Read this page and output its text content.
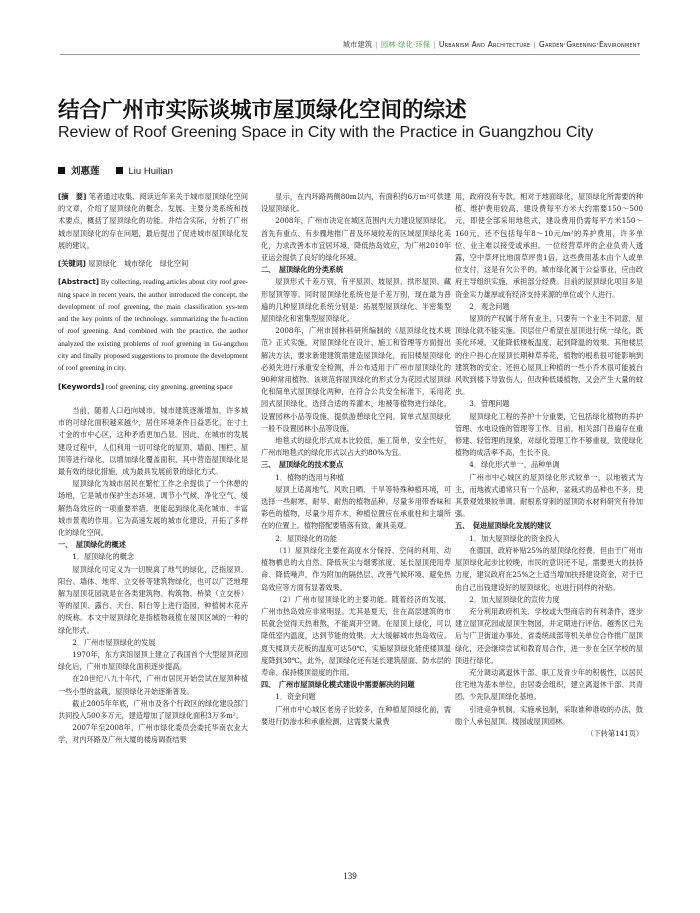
城市建筑 | 园林·绿化·环保 | Urbanism And Architecture | Garden·Greening·Environment
结合广州市实际谈城市屋顶绿化空间的综述
Review of Roof Greening Space in City with the Practice in Guangzhou City
刘惠莲	Liu Huilian

[摘　要] 笔者通过收集、阅读近年来关于城市屋顶绿化空间的文章，介绍了屋顶绿化的概念、发展、主要分类系统和技术要点，概括了屋顶绿化的功能。并结合实际，分析了广州城市屋顶绿化的存在问题，最后提出了促进城市屋顶绿化发展的建议。

[关键词] 屋顶绿化　城市绿化　绿化空间

[Abstract] By collecting, reading articles about city roof gree-ning space in recent years, the author introduced the concept, the development of roof greening, the main classification sys-tem and the key points of the technology, summarizing the fu-nction of roof greening. And combined with the practice, the author analyzed the existing problems of roof greening in Gu-angzhou city and finally proposed suggestions to promote the development of roof greening in city.

[Keywords] roof greening, city greening, greening space

当前，随着人口趋向城市，城市建筑逐渐增加，许多城市的可绿化面积越来越少，居住环境条件日益恶化，在寸土寸金的市中心区，这种矛盾更加凸显。因此，在城市的发展建设过程中，人们利用一切可绿化的屋顶、墙面、围栏、屋顶等进行绿化，以增加绿化覆盖面积，其中营造屋顶绿化是最有效的绿化措施，成为最具发展前景的绿化方式。

屋顶绿化为城市居民在繁忙工作之余提供了一个休憩的场地，它是城市保护生态环境、调节小气候、净化空气、缓解热岛效应的一项重要举措，更能起到绿化美化城市、丰富城市景观的作用。它为高速发展的城市化建设，开拓了多样化的绿化空间。

一、　屋顶绿化的概述

1．屋顶绿化的概念

屋顶绿化可定义为一切脱离了地气的绿化，泛指屋顶、阳台、墙体、地库、立交桥等建筑物绿化，也可以广泛地理解为屋顶花园就是在各类建筑物、构筑物、桥梁（立交桥）等的屋顶、露台、天台、阳台等上进行造园，种植树木花卉的统称。本文中屋顶绿化是指植物栽植在屋顶区域的一种的绿化形式。

2．广州市屋顶绿化的发展

1970年，东方宾馆屋顶上建立了我国首个大型屋顶花园绿化后，广州市屋顶绿化面积逐步提高。

在20世纪八九十年代，广州市居民开始尝试在屋顶种植一些小型的盆栽，屋顶绿化开始逐渐普及。

截止2005年年底，广州市及各个行政区的绿化建设部门共同投入500多万元，建造增加了屋顶绿化面积3万多m²。

2007年至2008年，广州市绿化委员会委托华南农业大学，对内环路及广州大厦的楼房调查结果

显示，在内环路两侧80m以内，有面积约6万m²可供建设屋顶绿化。

2008年，广州市决定在城区范围内大力建设屋顶绿化，首先有重点、有步骤地推广普及环境较差的区域屋顶绿化美化，力求改善本市宜居环境，降低热岛效应，为广州2010年亚运会提供了良好的绿化环境。

二、　屋顶绿化的分类系统

屋顶形式千差万别，有平屋顶、坡屋顶、拱形屋顶、藏形屋顶等等。同时屋顶绿化系统也是千差万别，现在最为普遍的几种屋顶绿化系统分别是：拓展型屋顶绿化、半密集型屋顶绿化和密集型屋顶绿化。

2008年，广州市园林科研所编制的《屋顶绿化技术规范》正式实施，对屋顶绿化在设计、施工和管理等方面提出解决方法，要求新建建筑需建造屋顶绿化，而旧楼屋顶绿化必须先进行承重安全检测，并公布适用于广州市屋顶绿化的90种常用植物。该规范将屋顶绿化的形式分为花园式屋顶绿化和简单式屋顶绿化两种，在符合公共安全标准下，采用花园式屋顶绿化，选择合适的养灌木，地被等植物进行绿化，设置园林小品等设施，提供游憩绿化空间。简单式屋顶绿化一般不设置园林小品等设施。

地毯式的绿化形式成本比较低，施工简单，安全性好，广州市地毯式的绿化形式以占大约80%为宜。

三、　屋顶绿化的技术要点

1．植物的选用与种植

屋顶上适离地气，风吹日晒、干旱等特殊种植环境，可选择一些耐寒、耐旱、耐热的植物品种。尽量多用带香味和彩色的植物，尽量少用乔木，种植位置应在承重柱和主墙所在的位置上。植物搭配要错落有致、兼具美观。

2．屋顶绿化的功能

（1）屋顶绿化主要在高度水分保持、空间的利用、动植物栖息的大自然、降低灰尘与烟雾浓度、延长屋顶使用寿命、降低噪声，作为附加的隔热层、改善气候环境、避免热岛效应等方面有显著效果。

（2）广州市屋顶绿化的主要功能。随着经济的发展，广州市热岛效应非常明显。尤其是夏天，住在高层建筑的市民就会觉得天热难熬，不能离开空调。在屋顶上绿化，可以降低室内温度，达到节能的效果。大大缓解城市热岛效应。夏天楼顶天花板的温度可达50℃，实施屋顶绿化能使楼顶温度降到30℃，此外，屋顶绿化还有延长建筑屋面、防水层的寿命、保持楼顶湿度的作用。

四、　广州市屋顶绿化模式建设中需要解决的问题

1．资金问题

广州市中心城区老房子比较多，在种植屋顶绿化前，需要进行防渗水和承重检测，这需要大量费

用，政府没有专款。相对于地面绿化，屋顶绿化所需要的种植、维护费用较高，建设费每平方米大约需要150～500元，即使全部采用地毯式，建设费用仍需每平方米150～160元，还不包括每年8～10元/m²的养护费用，许多单位、业主难以接受或承担。一位经营草坪的企业负责人透露，空中草坪比地面草坪贵1倍，这些费用基本由个人或单位支付，这是有欠公平的。城市绿化属于公益事业，应由政府主导组织实施，承担部分经费。目前的屋顶绿化项目多是资金实力雄厚或有经济支持来源的单位或个人进行。

2．观念问题

屋顶的产权属于所有业主，只要有一个业主不同意，屋顶绿化就不能实施。顶层住户希望在屋顶进行统一绿化，既美化环境，又能降低楼板温度、起到降温的效果。其他楼层的住户担心在屋顶长期种草养花，植物的根系很可能影响到建筑物的安全；还担心屋顶上种植的一些小乔木很可能被台风吹到楼下导致伤人，但改种低矮植物，又会产生大量的蚊虫。

3．管理问题

屋顶绿化工程的养护十分重要，它包括绿化植物的养护管理、水电设施的管理等工作。目前，相关部门普遍存在重修建、轻管理的现象，对绿化管理工作不够重视，致使绿化植物的成活率不高，生长不良。

4．绿化形式单一，品种单调

广州市中心城区的屋顶绿化形式较单一，以地被式为主，而地被式通常只有一个品种，盆栽式的品种也不多，使其景观效果较单调。耐根系穿刺的屋顶防水材料研究有待加强。

五、　促进屋顶绿化发展的建议

1．加大屋顶绿化的资金投入

在德国，政府补贴25%的屋顶绿化经费。但由于广州市屋顶绿化起步比较晚，市民的意识还不足，需要更大的扶持力度，建议政府在25%之上适当增加扶持建设资金，对于已由自己出钱建设好的屋顶绿化，也进行同样的补贴。

2．加大屋顶绿化的宣传力度

充分利用政府机关、学校或大型商店的有利条件，逐步建立屋顶花园或屋顶生物园，并定期进行评估。越秀区已先后与广卫街道办事处、省委统战部等机关单位合作推广屋顶绿化，还会继续尝试和教育局合作，进一步在全区学校的屋顶进行绿化。

充分调动离退休干部、职工及青少年的积极性，以居民住宅地为基本单位，由居委会组织，建立离退休干部、共青团、少先队屋顶绿化基地。

引进竞争机制，实施承包制，采取谁种谁收的办法，鼓励个人承包屋顶、楼园或屋顶园林。

（下转第141页）

139
